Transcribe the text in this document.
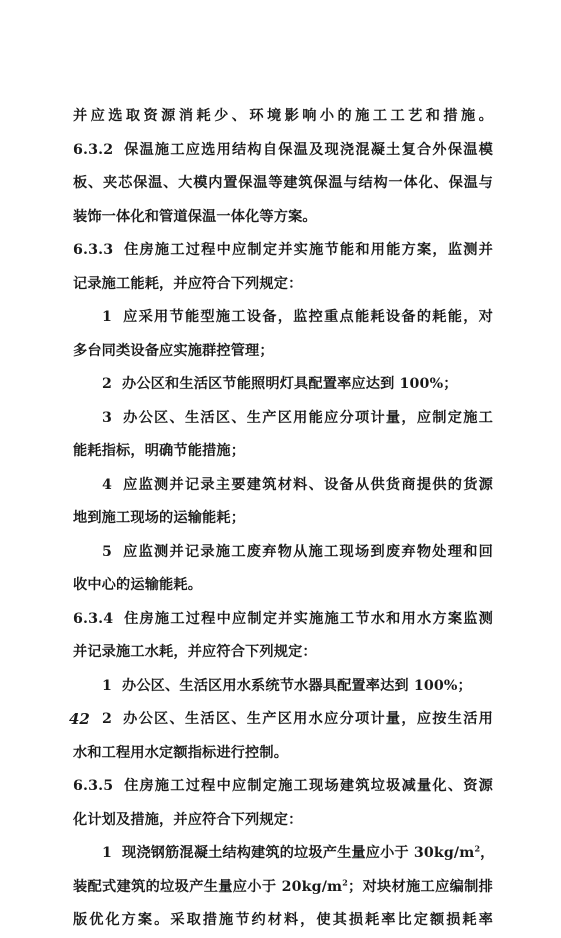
并应选取资源消耗少、环境影响小的施工工艺和措施。
6.3.2 保温施工应选用结构自保温及现浇混凝土复合外保温模
板、夹芯保温、大模内置保温等建筑保温与结构一体化、保温与
装饰一体化和管道保温一体化等方案。
6.3.3 住房施工过程中应制定并实施节能和用能方案，监测并
记录施工能耗，并应符合下列规定：
1 应采用节能型施工设备，监控重点能耗设备的耗能，对
多台同类设备应实施群控管理；
2 办公区和生活区节能照明灯具配置率应达到 100%；
3 办公区、生活区、生产区用能应分项计量，应制定施工
能耗指标，明确节能措施；
4 应监测并记录主要建筑材料、设备从供货商提供的货源
地到施工现场的运输能耗；
5 应监测并记录施工废弃物从施工现场到废弃物处理和回
收中心的运输能耗。
6.3.4 住房施工过程中应制定并实施施工节水和用水方案监测
并记录施工水耗，并应符合下列规定：
1 办公区、生活区用水系统节水器具配置率达到 100%；
2 办公区、生活区、生产区用水应分项计量，应按生活用
水和工程用水定额指标进行控制。
6.3.5 住房施工过程中应制定施工现场建筑垃圾减量化、资源
化计划及措施，并应符合下列规定：
1 现浇钢筋混凝土结构建筑的垃圾产生量应小于 $30kg/m^2$，
装配式建筑的垃圾产生量应小于 $20kg/m^2$；对块材施工应编制排
版优化方案。采取措施节约材料，使其损耗率比定额损耗率
42
